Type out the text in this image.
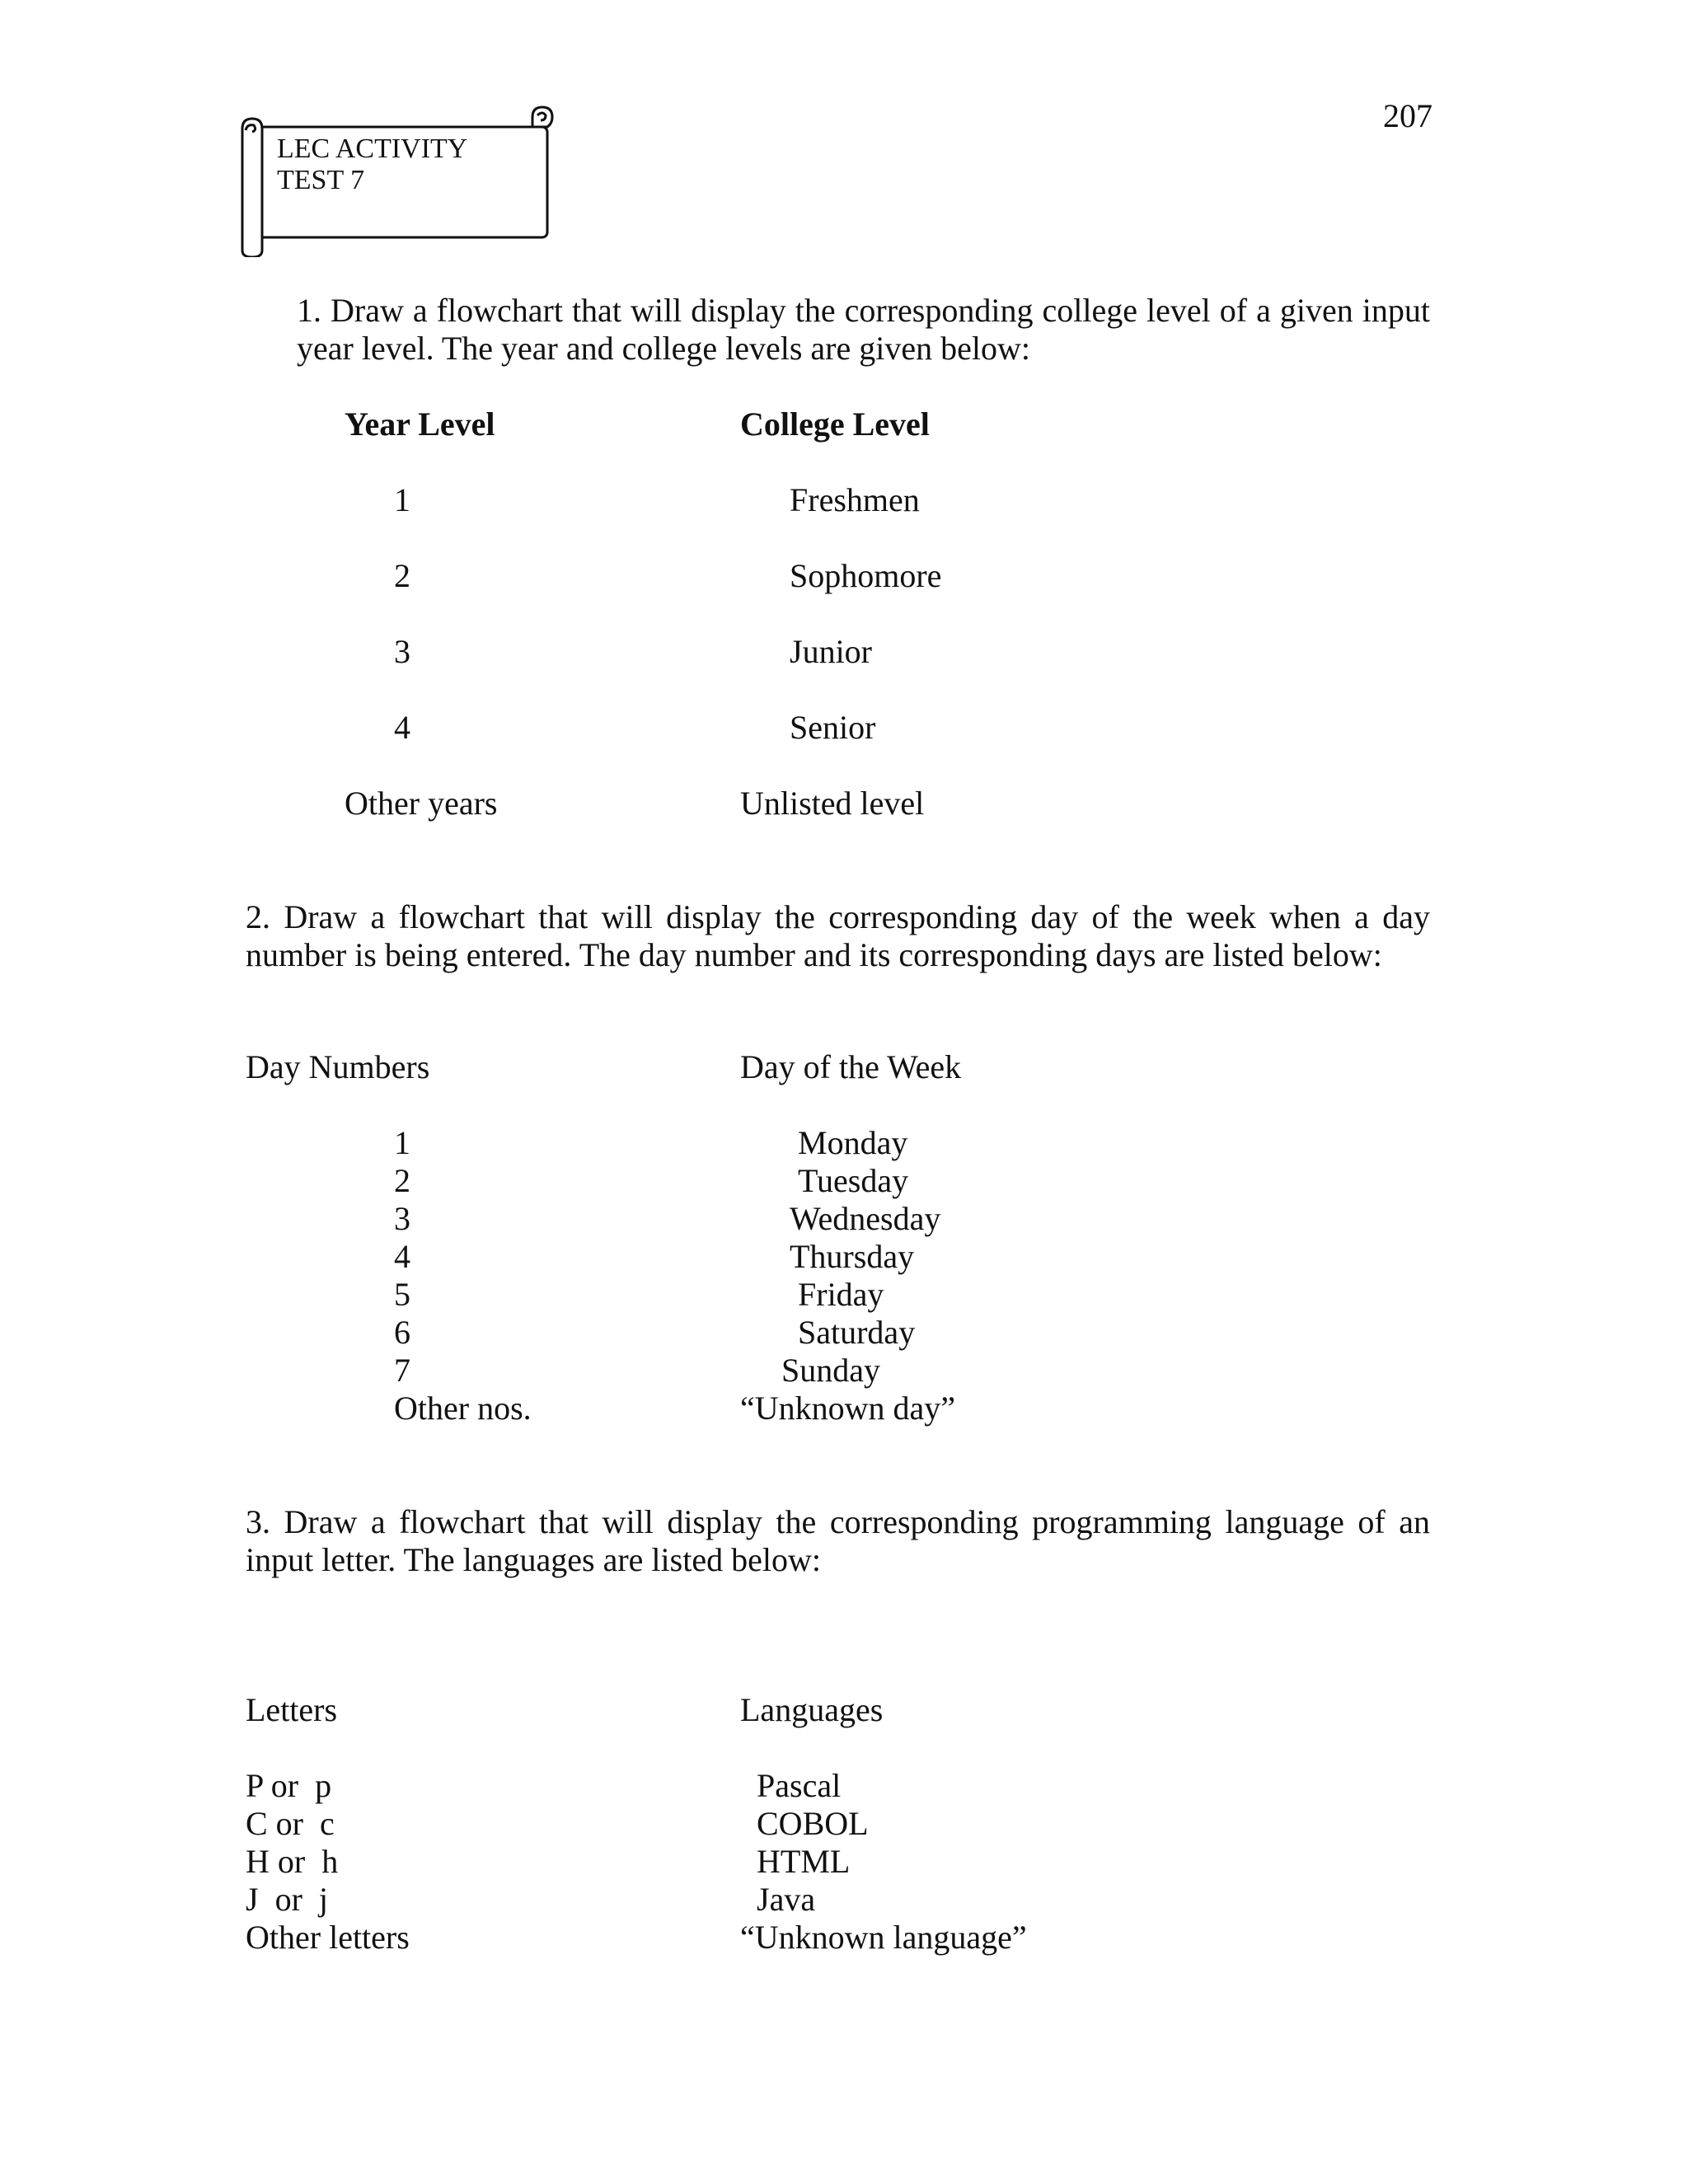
207
LEC ACTIVITY
TEST 7
1. Draw a flowchart that will display the corresponding college level of a given input year level. The year and college levels are given below:
Year Level	College Level
1	Freshmen
2	Sophomore
3	Junior
4	Senior
Other years	Unlisted level
2. Draw a flowchart that will display the corresponding day of the week when a day number is being entered. The day number and its corresponding days are listed below:
Day Numbers	Day of the Week
1	Monday
2	Tuesday
3	Wednesday
4	Thursday
5	Friday
6	Saturday
7	Sunday
Other nos.	“Unknown day”
3. Draw a flowchart that will display the corresponding programming language of an input letter. The languages are listed below:
Letters	Languages
P or  p	Pascal
C or  c	COBOL
H or  h	HTML
J  or  j	Java
Other letters	“Unknown language”
